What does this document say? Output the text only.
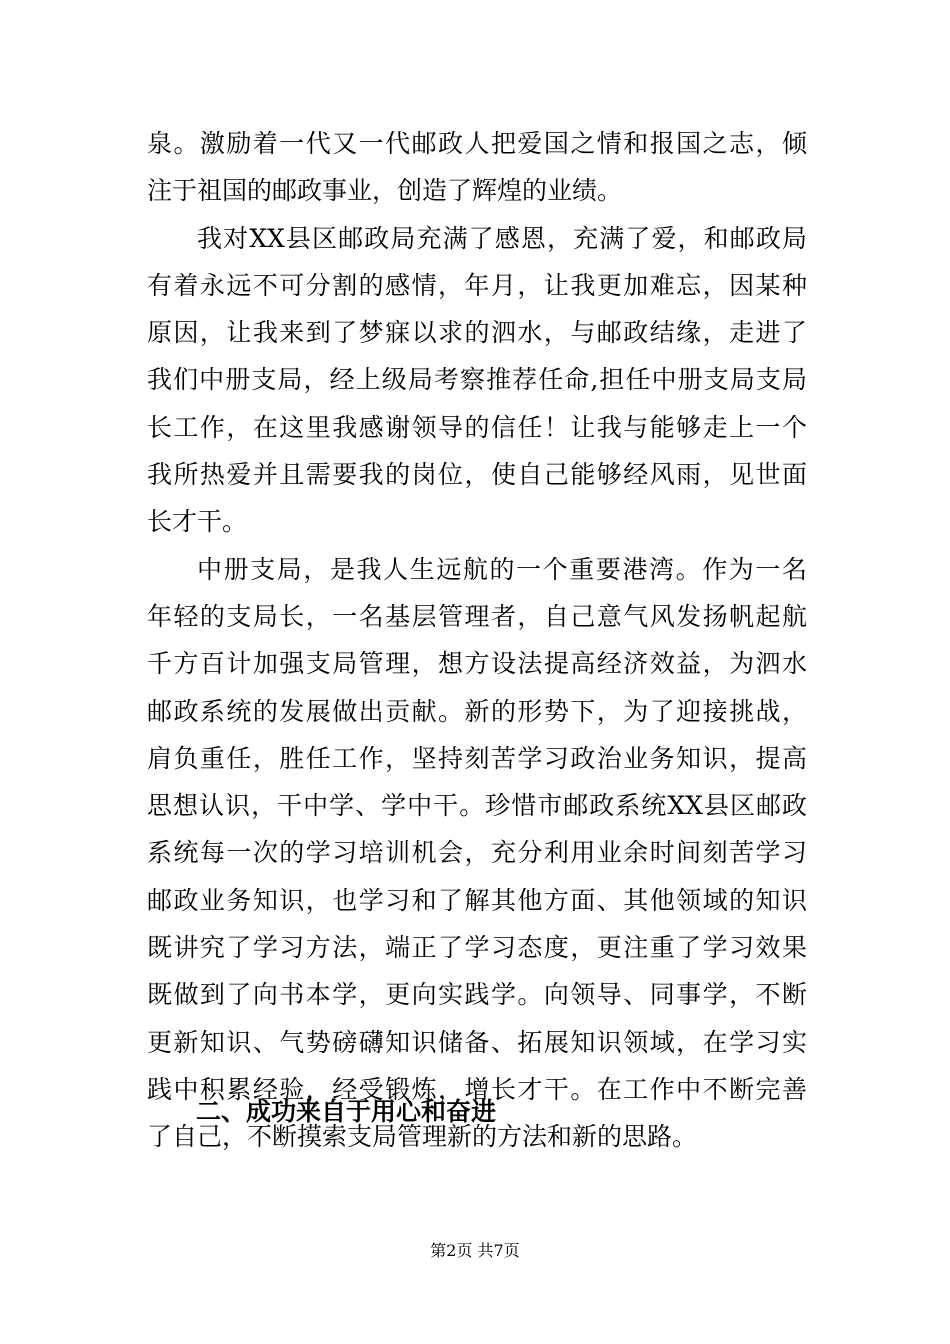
泉。激励着一代又一代邮政人把爱国之情和报国之志，倾
注于祖国的邮政事业，创造了辉煌的业绩。
我对XX县区邮政局充满了感恩，充满了爱，和邮政局
有着永远不可分割的感情，年月，让我更加难忘，因某种
原因，让我来到了梦寐以求的泗水，与邮政结缘，走进了
我们中册支局，经上级局考察推荐任命,担任中册支局支局
长工作，在这里我感谢领导的信任！让我与能够走上一个
我所热爱并且需要我的岗位，使自己能够经风雨，见世面
长才干。
中册支局，是我人生远航的一个重要港湾。作为一名
年轻的支局长，一名基层管理者，自己意气风发扬帆起航
千方百计加强支局管理，想方设法提高经济效益，为泗水
邮政系统的发展做出贡献。新的形势下，为了迎接挑战，
肩负重任，胜任工作，坚持刻苦学习政治业务知识，提高
思想认识，干中学、学中干。珍惜市邮政系统XX县区邮政
系统每一次的学习培训机会，充分利用业余时间刻苦学习
邮政业务知识，也学习和了解其他方面、其他领域的知识
既讲究了学习方法，端正了学习态度，更注重了学习效果
既做到了向书本学，更向实践学。向领导、同事学，不断
更新知识、气势磅礴知识储备、拓展知识领域，在学习实
践中积累经验，经受锻炼，增长才干。在工作中不断完善
了自己，不断摸索支局管理新的方法和新的思路。
二、成功来自于用心和奋进
第2页 共7页
